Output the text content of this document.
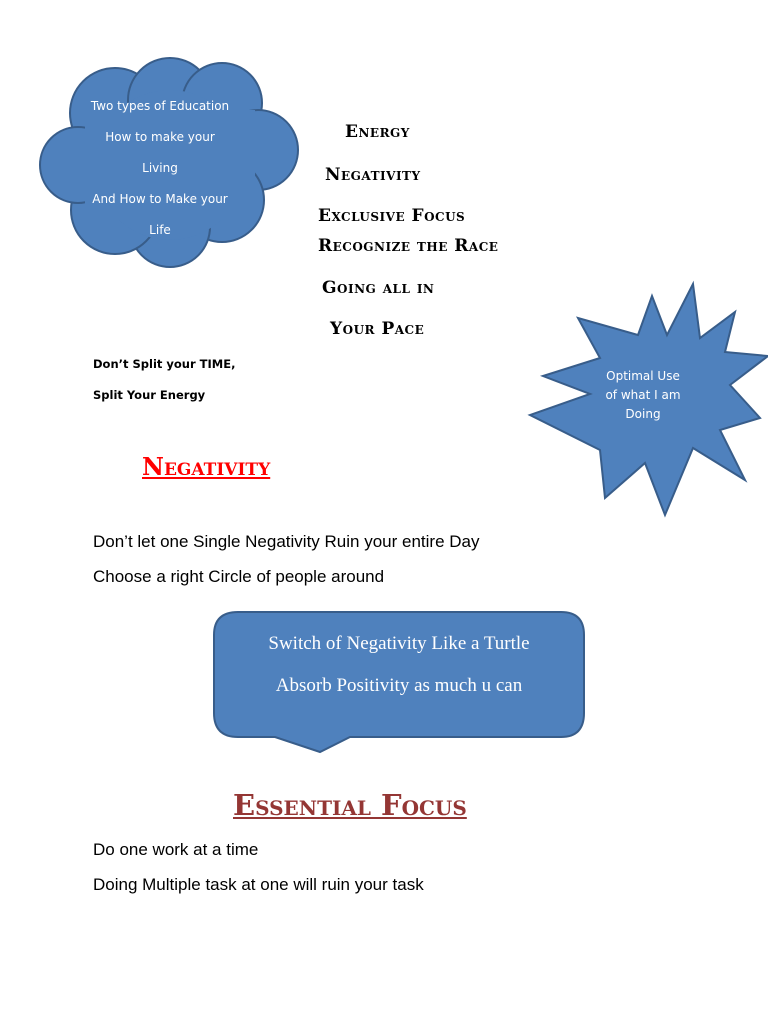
Two types of Education
How to make your
Living
And How to Make your
Life
Energy
Negativity
Exclusive Focus
Recognize the Race
Going all in
Your Pace
Don’t Split your TIME,
Split Your Energy
Optimal Use
of what I am
Doing
Negativity
Don’t let one Single Negativity Ruin your entire Day
Choose a right Circle of people around
Switch of Negativity Like a Turtle
Absorb Positivity as much u can
Essential Focus
Do one work at a time
Doing Multiple task at one will ruin your task
